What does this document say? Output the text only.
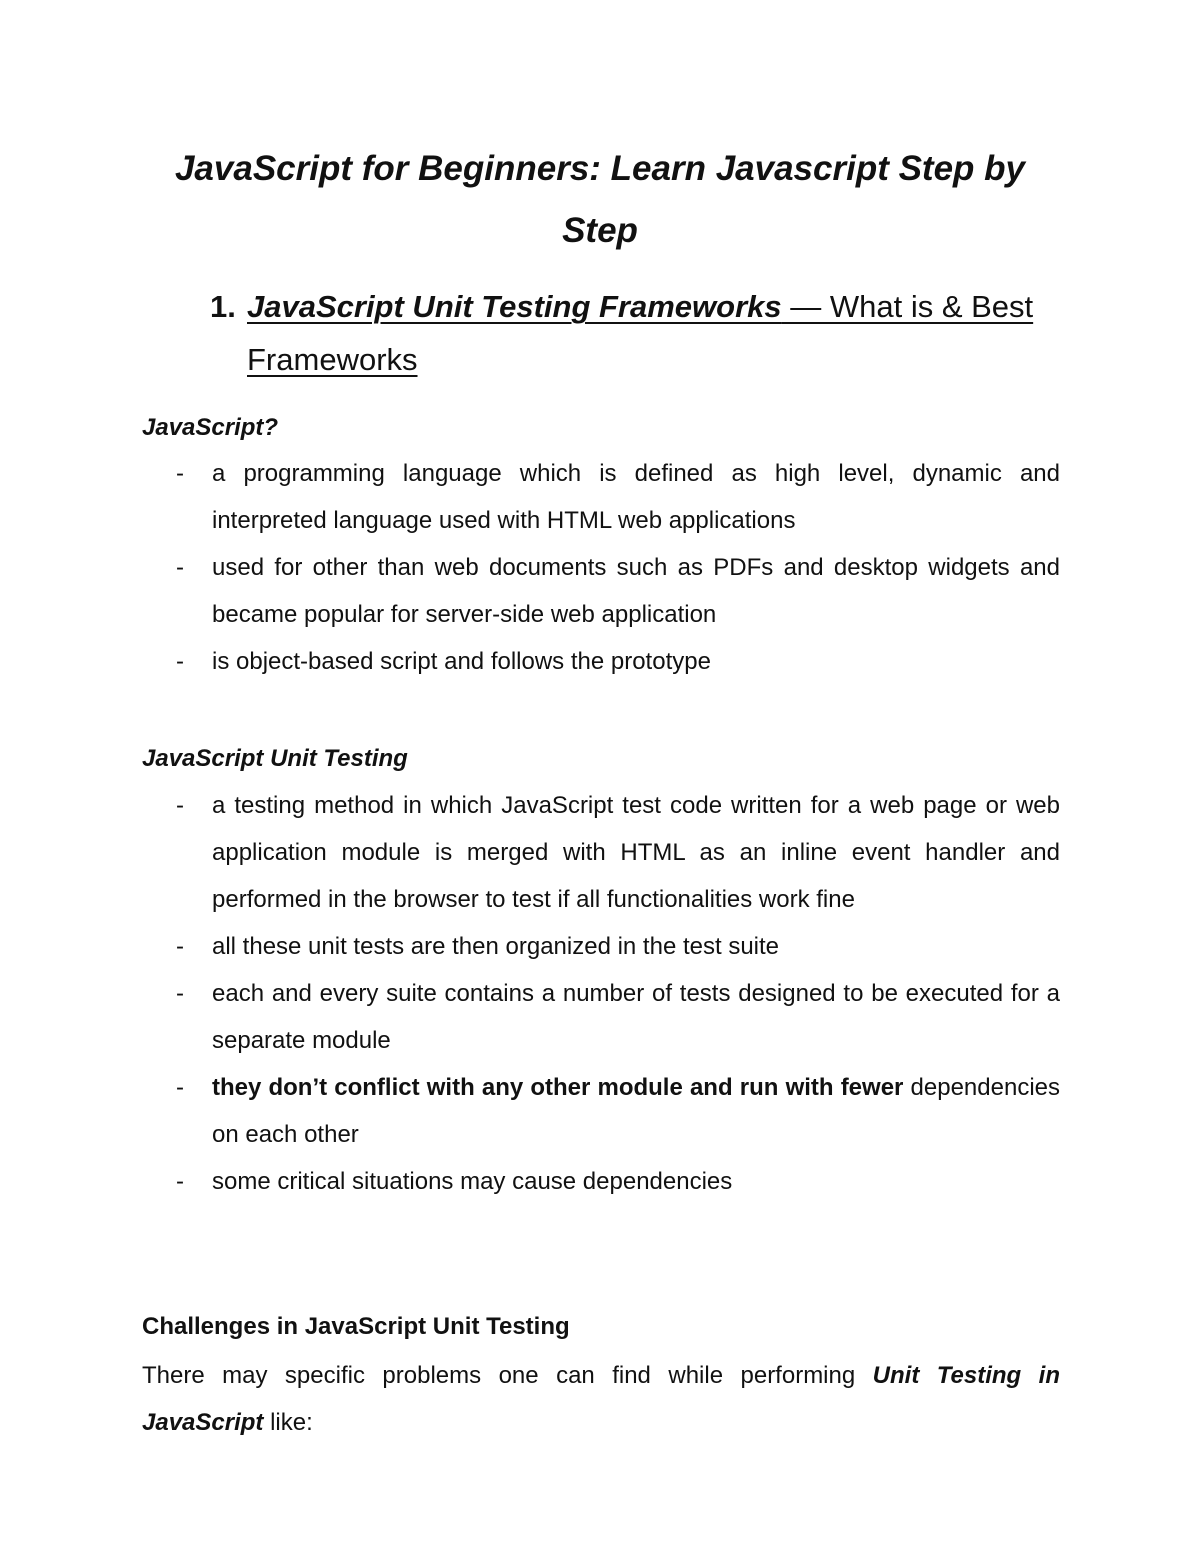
JavaScript for Beginners: Learn Javascript Step by Step
1. JavaScript Unit Testing Frameworks — What is & Best Frameworks
JavaScript?
- a programming language which is defined as high level, dynamic and interpreted language used with HTML web applications
- used for other than web documents such as PDFs and desktop widgets and became popular for server-side web application
- is object-based script and follows the prototype
JavaScript Unit Testing
- a testing method in which JavaScript test code written for a web page or web application module is merged with HTML as an inline event handler and performed in the browser to test if all functionalities work fine
- all these unit tests are then organized in the test suite
- each and every suite contains a number of tests designed to be executed for a separate module
- they don’t conflict with any other module and run with fewer dependencies on each other
- some critical situations may cause dependencies
Challenges in JavaScript Unit Testing

There may specific problems one can find while performing Unit Testing in JavaScript like:
